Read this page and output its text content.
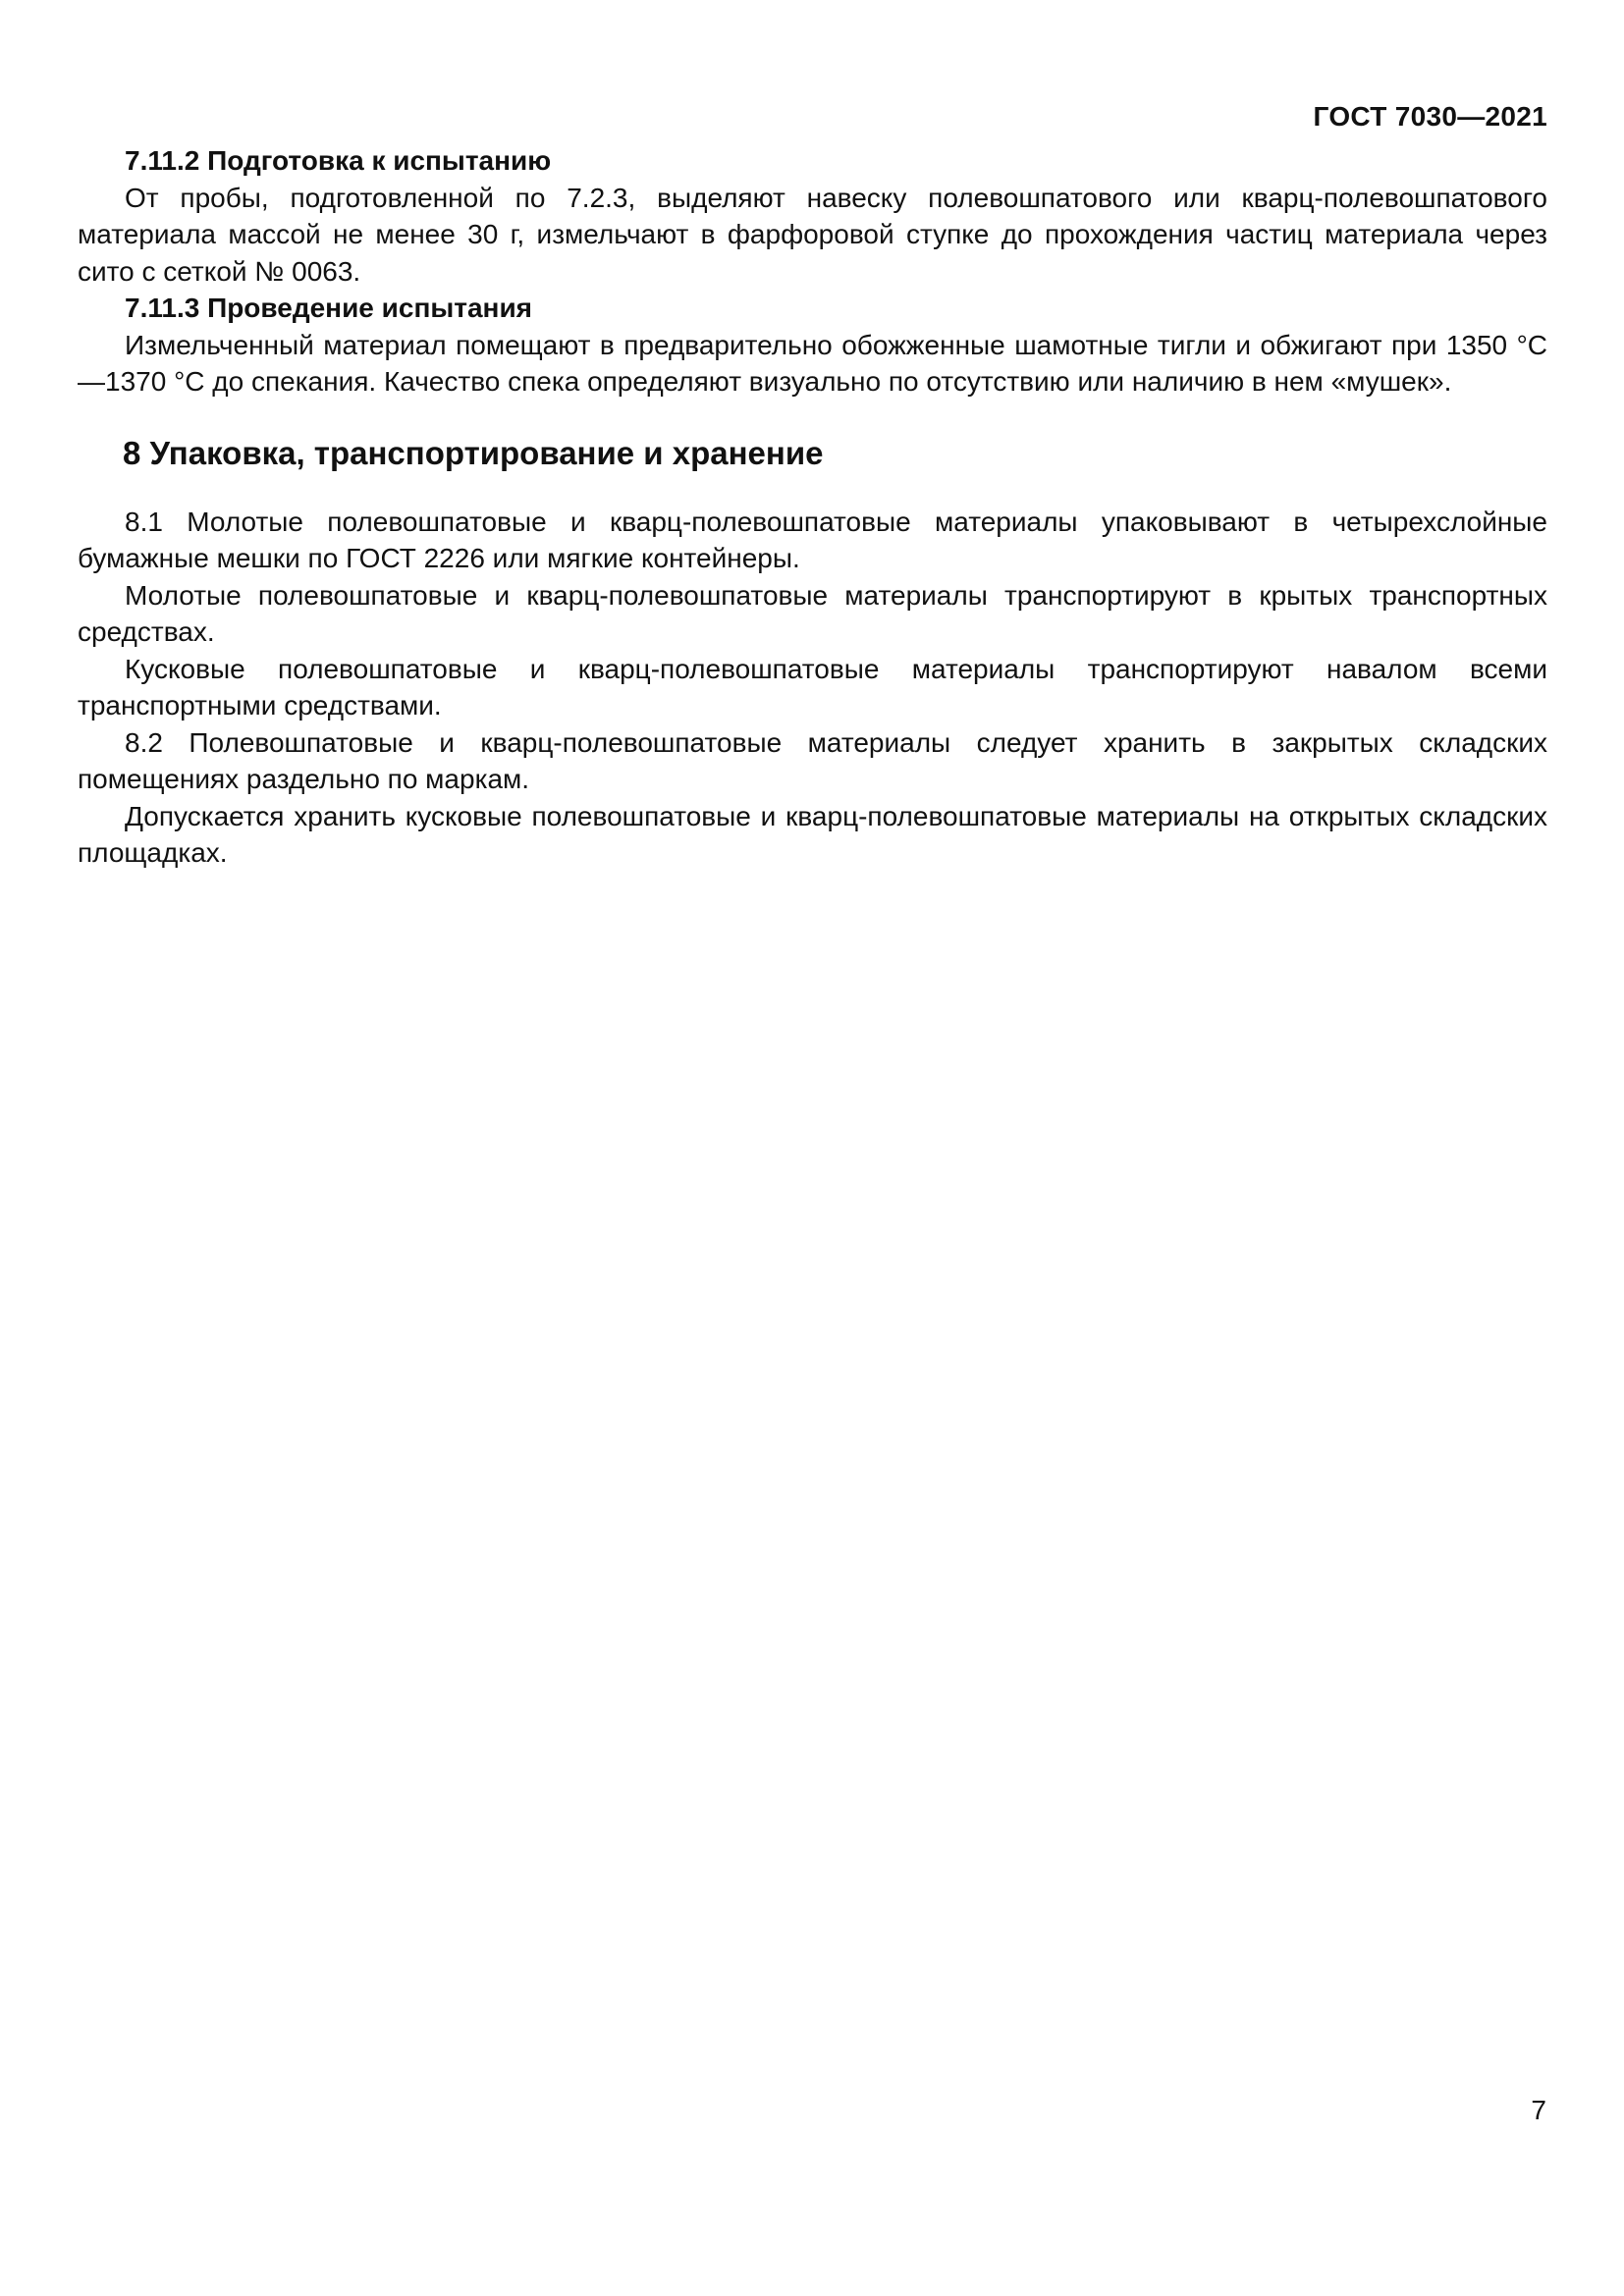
ГОСТ 7030—2021

7.11.2 Подготовка к испытанию

От пробы, подготовленной по 7.2.3, выделяют навеску полевошпатового или кварц-полевошпатового материала массой не менее 30 г, измельчают в фарфоровой ступке до прохождения частиц материала через сито с сеткой № 0063.

7.11.3 Проведение испытания

Измельченный материал помещают в предварительно обожженные шамотные тигли и обжигают при 1350 °С—1370 °С до спекания. Качество спека определяют визуально по отсутствию или наличию в нем «мушек».

8 Упаковка, транспортирование и хранение

8.1 Молотые полевошпатовые и кварц-полевошпатовые материалы упаковывают в четырехслойные бумажные мешки по ГОСТ 2226 или мягкие контейнеры.

Молотые полевошпатовые и кварц-полевошпатовые материалы транспортируют в крытых транспортных средствах.

Кусковые полевошпатовые и кварц-полевошпатовые материалы транспортируют навалом всеми транспортными средствами.

8.2 Полевошпатовые и кварц-полевошпатовые материалы следует хранить в закрытых складских помещениях раздельно по маркам.

Допускается хранить кусковые полевошпатовые и кварц-полевошпатовые материалы на открытых складских площадках.

7
